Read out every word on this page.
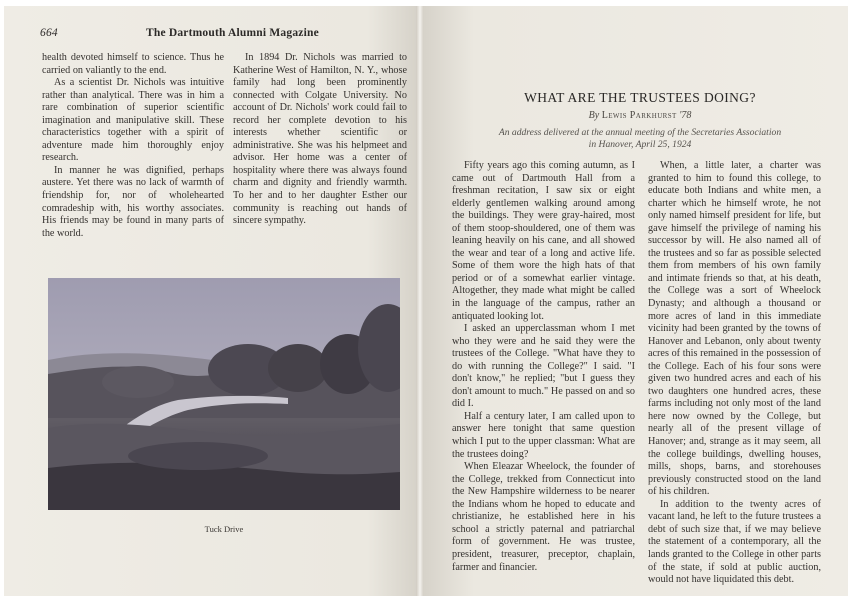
664	The Dartmouth Alumni Magazine

health devoted himself to science. Thus he carried on valiantly to the end.

As a scientist Dr. Nichols was intuitive rather than analytical. There was in him a rare combination of superior scientific imagination and manipulative skill. These characteristics together with a spirit of adventure made him thoroughly enjoy research.

In manner he was dignified, perhaps austere. Yet there was no lack of warmth of friendship for, nor of wholehearted comradeship with, his worthy associates. His friends may be found in many parts of the world.

In 1894 Dr. Nichols was married to Katherine West of Hamilton, N. Y., whose family had long been prominently connected with Colgate University. No account of Dr. Nichols' work could fail to record her complete devotion to his interests whether scientific or administrative. She was his helpmeet and advisor. Her home was a center of hospitality where there was always found charm and dignity and friendly warmth. To her and to her daughter Esther our community is reaching out hands of sincere sympathy.

Tuck Drive
WHAT ARE THE TRUSTEES DOING?
By Lewis Parkhurst '78
An address delivered at the annual meeting of the Secretaries Association
in Hanover, April 25, 1924

Fifty years ago this coming autumn, as I came out of Dartmouth Hall from a freshman recitation, I saw six or eight elderly gentlemen walking around among the buildings. They were gray-haired, most of them stoop-shouldered, one of them was leaning heavily on his cane, and all showed the wear and tear of a long and active life. Some of them wore the high hats of that period or of a somewhat earlier vintage. Altogether, they made what might be called in the language of the campus, rather an antiquated looking lot.

I asked an upperclassman whom I met who they were and he said they were the trustees of the College. "What have they to do with running the College?" I said. "I don't know," he replied; "but I guess they don't amount to much." He passed on and so did I.

Half a century later, I am called upon to answer here tonight that same question which I put to the upper classman: What are the trustees doing?

When Eleazar Wheelock, the founder of the College, trekked from Connecticut into the New Hampshire wilderness to be nearer the Indians whom he hoped to educate and christianize, he established here in his school a strictly paternal and patriarchal form of government. He was trustee, president, treasurer, preceptor, chaplain, farmer and financier.

When, a little later, a charter was granted to him to found this college, to educate both Indians and white men, a charter which he himself wrote, he not only named himself president for life, but gave himself the privilege of naming his successor by will. He also named all of the trustees and so far as possible selected them from members of his own family and intimate friends so that, at his death, the College was a sort of Wheelock Dynasty; and although a thousand or more acres of land in this immediate vicinity had been granted by the towns of Hanover and Lebanon, only about twenty acres of this remained in the possession of the College. Each of his four sons were given two hundred acres and each of his two daughters one hundred acres, these farms including not only most of the land here now owned by the College, but nearly all of the present village of Hanover; and, strange as it may seem, all the college buildings, dwelling houses, mills, shops, barns, and storehouses previously constructed stood on the land of his children.

In addition to the twenty acres of vacant land, he left to the future trustees a debt of such size that, if we may believe the statement of a contemporary, all the lands granted to the College in other parts of the state, if sold at public auction, would not have liquidated this debt.
